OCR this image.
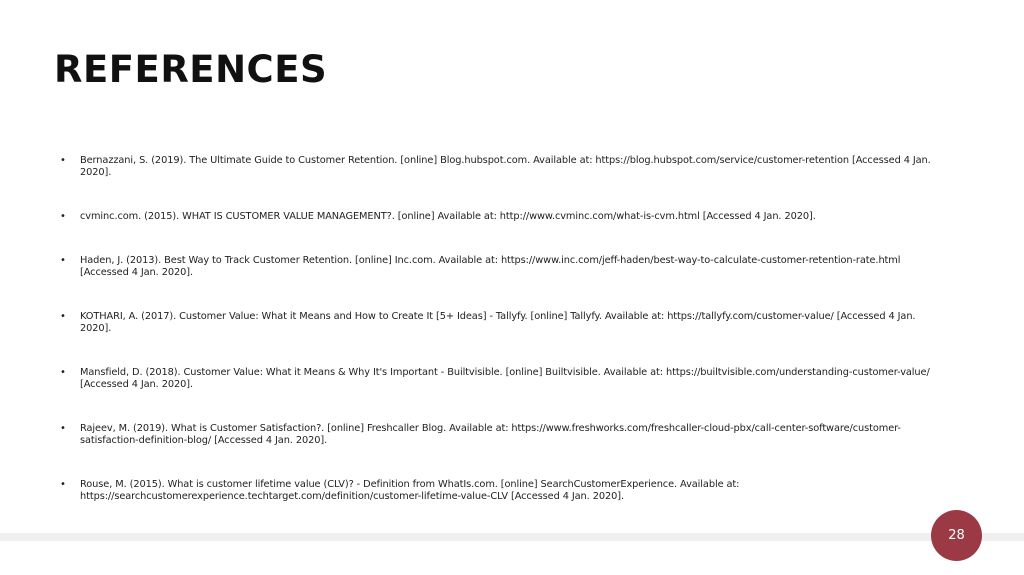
REFERENCES
• Bernazzani, S. (2019). The Ultimate Guide to Customer Retention. [online] Blog.hubspot.com. Available at: https://blog.hubspot.com/service/customer-retention [Accessed 4 Jan. 2020].
• cvminc.com. (2015). WHAT IS CUSTOMER VALUE MANAGEMENT?. [online] Available at: http://www.cvminc.com/what-is-cvm.html [Accessed 4 Jan. 2020].
• Haden, J. (2013). Best Way to Track Customer Retention. [online] Inc.com. Available at: https://www.inc.com/jeff-haden/best-way-to-calculate-customer-retention-rate.html [Accessed 4 Jan. 2020].
• KOTHARI, A. (2017). Customer Value: What it Means and How to Create It [5+ Ideas] - Tallyfy. [online] Tallyfy. Available at: https://tallyfy.com/customer-value/ [Accessed 4 Jan. 2020].
• Mansfield, D. (2018). Customer Value: What it Means & Why It's Important - Builtvisible. [online] Builtvisible. Available at: https://builtvisible.com/understanding-customer-value/ [Accessed 4 Jan. 2020].
• Rajeev, M. (2019). What is Customer Satisfaction?. [online] Freshcaller Blog. Available at: https://www.freshworks.com/freshcaller-cloud-pbx/call-center-software/customer-satisfaction-definition-blog/ [Accessed 4 Jan. 2020].
• Rouse, M. (2015). What is customer lifetime value (CLV)? - Definition from WhatIs.com. [online] SearchCustomerExperience. Available at: https://searchcustomerexperience.techtarget.com/definition/customer-lifetime-value-CLV [Accessed 4 Jan. 2020].
28
